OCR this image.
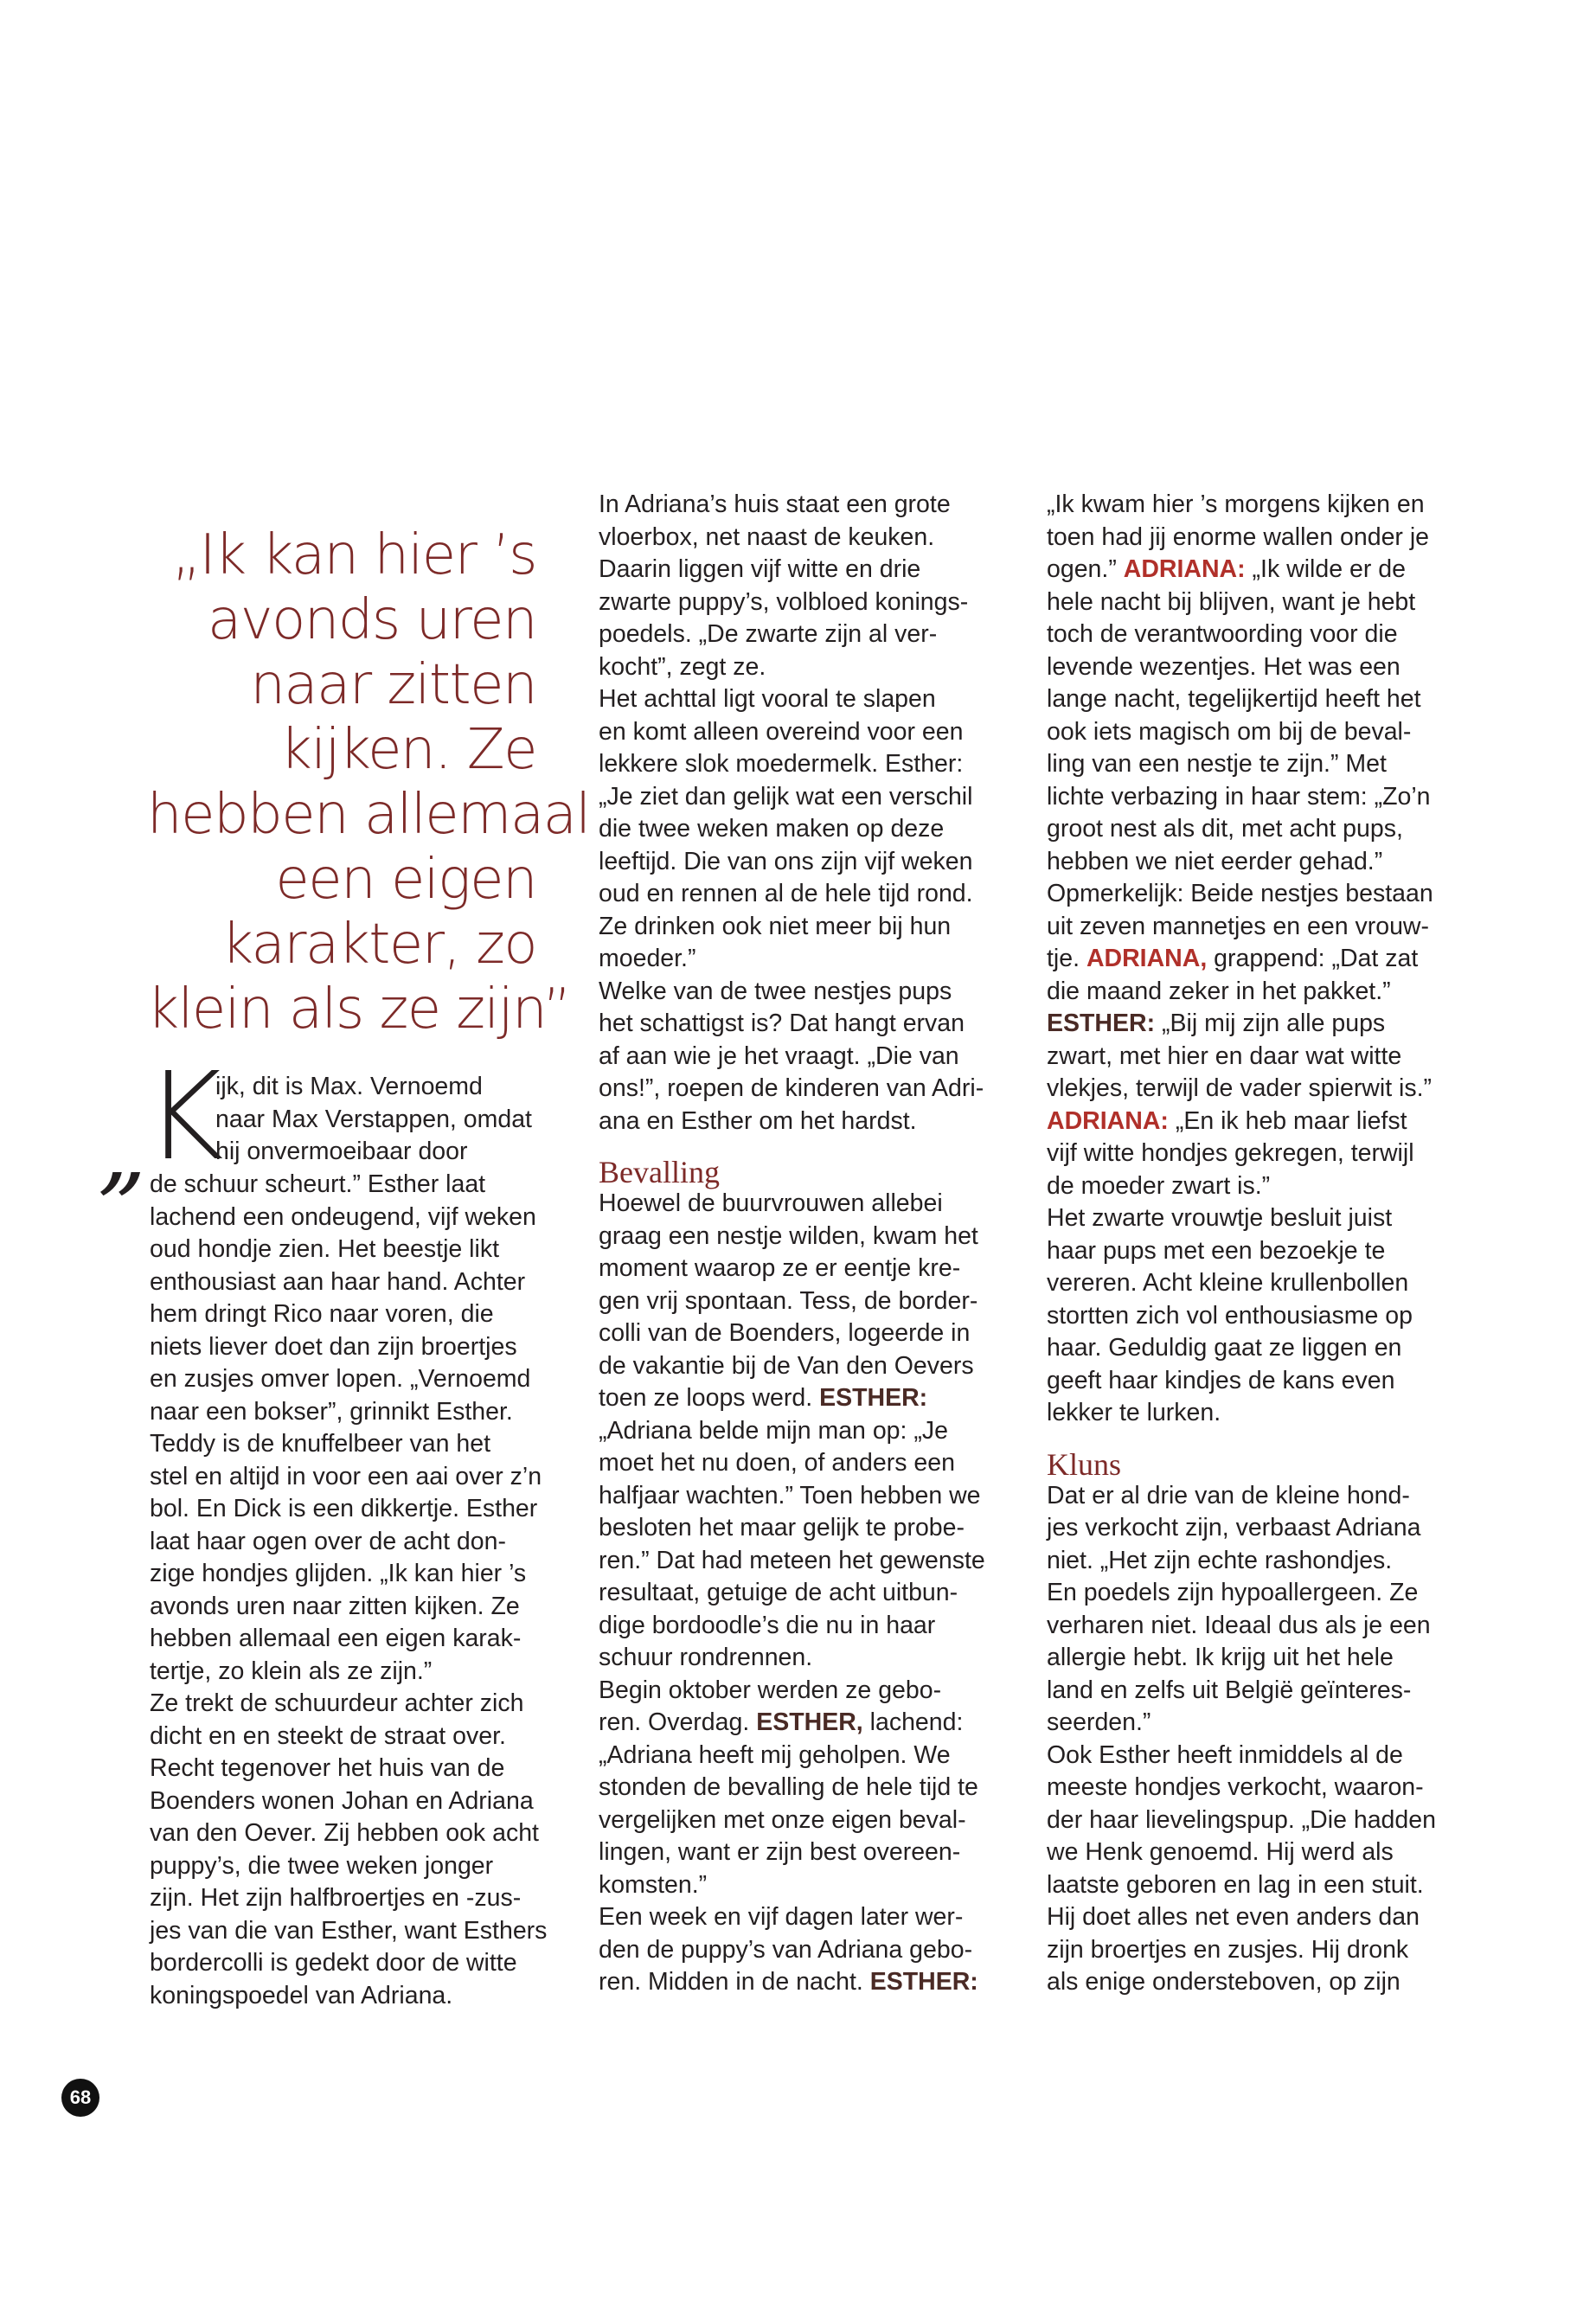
„Ik kan hier ’s
avonds uren
naar zitten
kijken. Ze
hebben allemaal
een eigen
karakter, zo
klein als ze zijn”
„
K
ijk, dit is Max. Vernoemd
naar Max Verstappen, omdat
hij onvermoeibaar door
de schuur scheurt.” Esther laat
lachend een ondeugend, vijf weken
oud hondje zien. Het beestje likt
enthousiast aan haar hand. Achter
hem dringt Rico naar voren, die
niets liever doet dan zijn broertjes
en zusjes omver lopen. „Vernoemd
naar een bokser”, grinnikt Esther.
Teddy is de knuffelbeer van het
stel en altijd in voor een aai over z’n
bol. En Dick is een dikkertje. Esther
laat haar ogen over de acht don-
zige hondjes glijden. „Ik kan hier ’s
avonds uren naar zitten kijken. Ze
hebben allemaal een eigen karak-
tertje, zo klein als ze zijn.”
Ze trekt de schuurdeur achter zich
dicht en en steekt de straat over.
Recht tegenover het huis van de
Boenders wonen Johan en Adriana
van den Oever. Zij hebben ook acht
puppy’s, die twee weken jonger
zijn. Het zijn halfbroertjes en -zus-
jes van die van Esther, want Esthers
bordercolli is gedekt door de witte
koningspoedel van Adriana.
In Adriana’s huis staat een grote
vloerbox, net naast de keuken.
Daarin liggen vijf witte en drie
zwarte puppy’s, volbloed konings-
poedels. „De zwarte zijn al ver-
kocht”, zegt ze.
Het achttal ligt vooral te slapen
en komt alleen overeind voor een
lekkere slok moedermelk. Esther:
„Je ziet dan gelijk wat een verschil
die twee weken maken op deze
leeftijd. Die van ons zijn vijf weken
oud en rennen al de hele tijd rond.
Ze drinken ook niet meer bij hun
moeder.”
Welke van de twee nestjes pups
het schattigst is? Dat hangt ervan
af aan wie je het vraagt. „Die van
ons!”, roepen de kinderen van Adri-
ana en Esther om het hardst.
Bevalling
Hoewel de buurvrouwen allebei
graag een nestje wilden, kwam het
moment waarop ze er eentje kre-
gen vrij spontaan. Tess, de border-
colli van de Boenders, logeerde in
de vakantie bij de Van den Oevers
toen ze loops werd. ESTHER:
„Adriana belde mijn man op: „Je
moet het nu doen, of anders een
halfjaar wachten.” Toen hebben we
besloten het maar gelijk te probe-
ren.” Dat had meteen het gewenste
resultaat, getuige de acht uitbun-
dige bordoodle’s die nu in haar
schuur rondrennen.
Begin oktober werden ze gebo-
ren. Overdag. ESTHER, lachend:
„Adriana heeft mij geholpen. We
stonden de bevalling de hele tijd te
vergelijken met onze eigen beval-
lingen, want er zijn best overeen-
komsten.”
Een week en vijf dagen later wer-
den de puppy’s van Adriana gebo-
ren. Midden in de nacht. ESTHER:
„Ik kwam hier ’s morgens kijken en
toen had jij enorme wallen onder je
ogen.” ADRIANA: „Ik wilde er de
hele nacht bij blijven, want je hebt
toch de verantwoording voor die
levende wezentjes. Het was een
lange nacht, tegelijkertijd heeft het
ook iets magisch om bij de beval-
ling van een nestje te zijn.” Met
lichte verbazing in haar stem: „Zo’n
groot nest als dit, met acht pups,
hebben we niet eerder gehad.”
Opmerkelijk: Beide nestjes bestaan
uit zeven mannetjes en een vrouw-
tje. ADRIANA, grappend: „Dat zat
die maand zeker in het pakket.”
ESTHER: „Bij mij zijn alle pups
zwart, met hier en daar wat witte
vlekjes, terwijl de vader spierwit is.”
ADRIANA: „En ik heb maar liefst
vijf witte hondjes gekregen, terwijl
de moeder zwart is.”
Het zwarte vrouwtje besluit juist
haar pups met een bezoekje te
vereren. Acht kleine krullenbollen
stortten zich vol enthousiasme op
haar. Geduldig gaat ze liggen en
geeft haar kindjes de kans even
lekker te lurken.
Kluns
Dat er al drie van de kleine hond-
jes verkocht zijn, verbaast Adriana
niet. „Het zijn echte rashondjes.
En poedels zijn hypoallergeen. Ze
verharen niet. Ideaal dus als je een
allergie hebt. Ik krijg uit het hele
land en zelfs uit België geïnteres-
seerden.”
Ook Esther heeft inmiddels al de
meeste hondjes verkocht, waaron-
der haar lievelingspup. „Die hadden
we Henk genoemd. Hij werd als
laatste geboren en lag in een stuit.
Hij doet alles net even anders dan
zijn broertjes en zusjes. Hij dronk
als enige ondersteboven, op zijn
68
